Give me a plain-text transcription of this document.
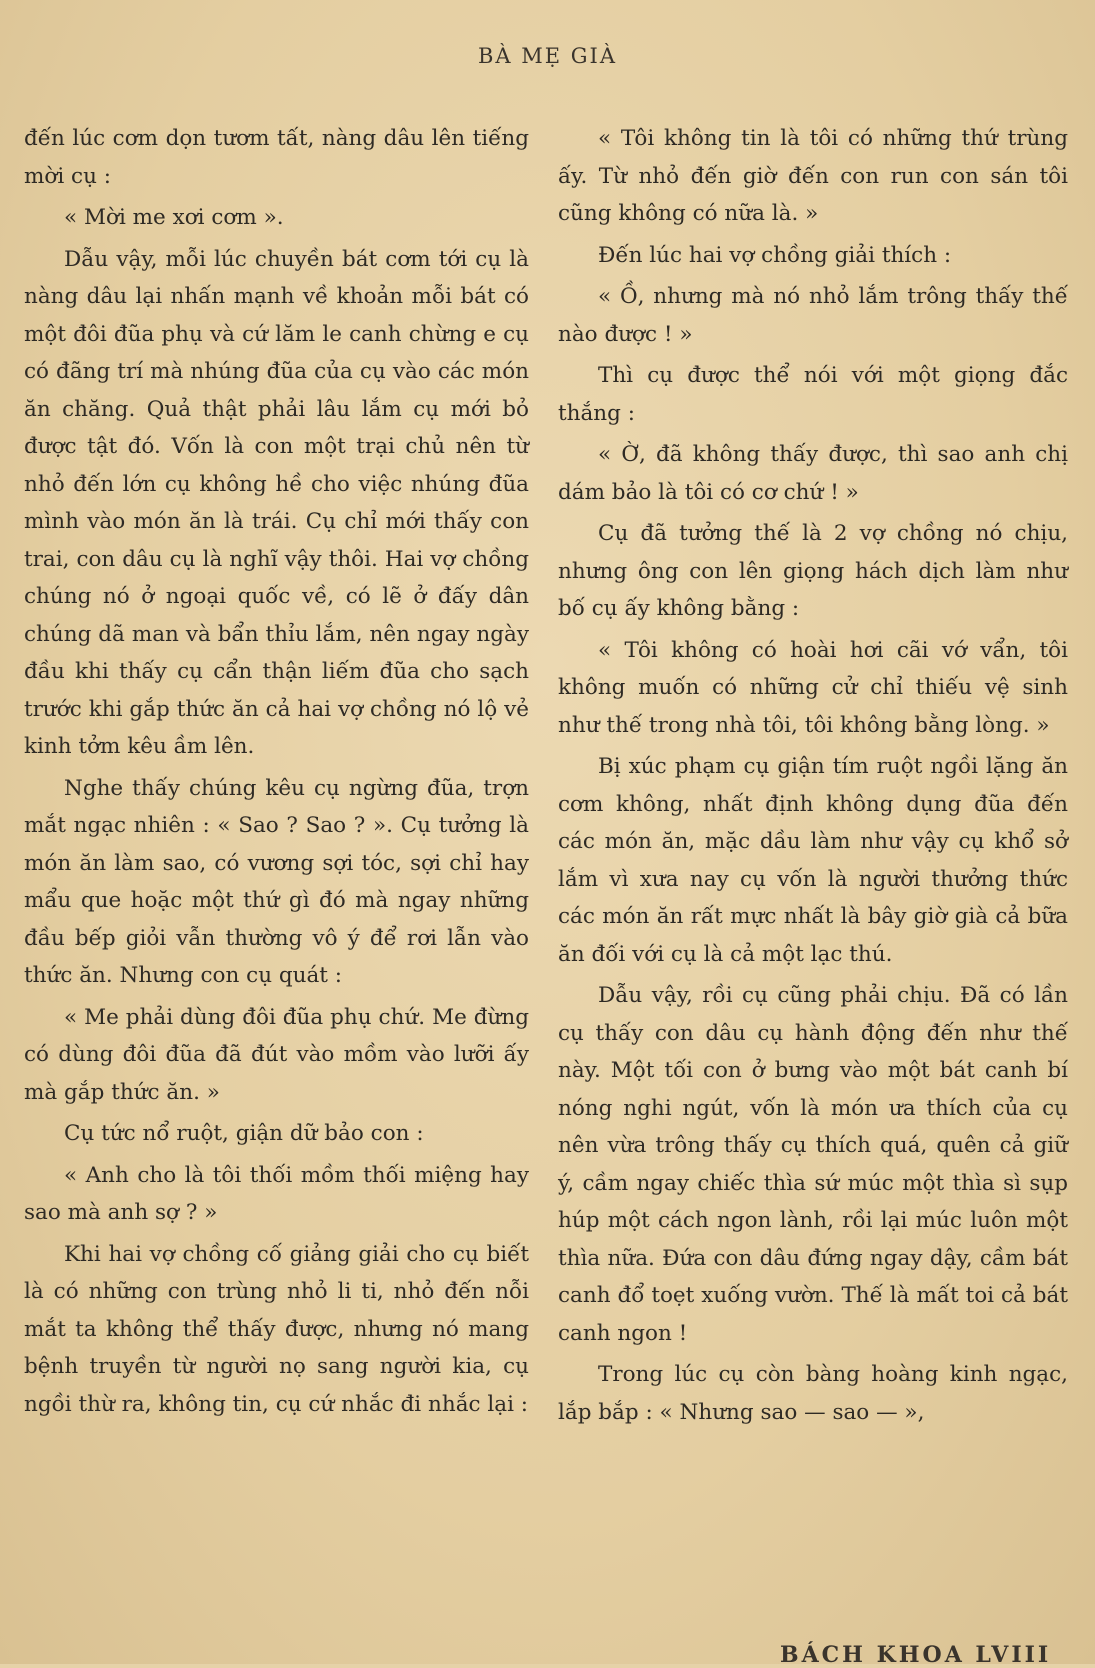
BÀ MẸ GIÀ

đến lúc cơm dọn tươm tất, nàng dâu lên tiếng mời cụ :

« Mời me xơi cơm ».

Dẫu vậy, mỗi lúc chuyền bát cơm tới cụ là nàng dâu lại nhấn mạnh về khoản mỗi bát có một đôi đũa phụ và cứ lăm le canh chừng e cụ có đãng trí mà nhúng đũa của cụ vào các món ăn chăng. Quả thật phải lâu lắm cụ mới bỏ được tật đó. Vốn là con một trại chủ nên từ nhỏ đến lớn cụ không hề cho việc nhúng đũa mình vào món ăn là trái. Cụ chỉ mới thấy con trai, con dâu cụ là nghĩ vậy thôi. Hai vợ chồng chúng nó ở ngoại quốc về, có lẽ ở đấy dân chúng dã man và bẩn thỉu lắm, nên ngay ngày đầu khi thấy cụ cẩn thận liếm đũa cho sạch trước khi gắp thức ăn cả hai vợ chồng nó lộ vẻ kinh tởm kêu ầm lên.

Nghe thấy chúng kêu cụ ngừng đũa, trợn mắt ngạc nhiên : « Sao ? Sao ? ». Cụ tưởng là món ăn làm sao, có vương sợi tóc, sợi chỉ hay mẩu que hoặc một thứ gì đó mà ngay những đầu bếp giỏi vẫn thường vô ý để rơi lẫn vào thức ăn. Nhưng con cụ quát :

« Me phải dùng đôi đũa phụ chứ. Me đừng có dùng đôi đũa đã đút vào mồm vào lưỡi ấy mà gắp thức ăn. »

Cụ tức nổ ruột, giận dữ bảo con :

« Anh cho là tôi thối mồm thối miệng hay sao mà anh sợ ? »

Khi hai vợ chồng cố giảng giải cho cụ biết là có những con trùng nhỏ li ti, nhỏ đến nỗi mắt ta không thể thấy được, nhưng nó mang bệnh truyền từ người nọ sang người kia, cụ ngồi thừ ra, không tin, cụ cứ nhắc đi nhắc lại :

« Tôi không tin là tôi có những thứ trùng ấy. Từ nhỏ đến giờ đến con run con sán tôi cũng không có nữa là. »

Đến lúc hai vợ chồng giải thích :

« Ồ, nhưng mà nó nhỏ lắm trông thấy thế nào được ! »

Thì cụ được thể nói với một giọng đắc thắng :

« Ờ, đã không thấy được, thì sao anh chị dám bảo là tôi có cơ chứ ! »

Cụ đã tưởng thế là 2 vợ chồng nó chịu, nhưng ông con lên giọng hách dịch làm như bố cụ ấy không bằng :

« Tôi không có hoài hơi cãi vớ vẩn, tôi không muốn có những cử chỉ thiếu vệ sinh như thế trong nhà tôi, tôi không bằng lòng. »

Bị xúc phạm cụ giận tím ruột ngồi lặng ăn cơm không, nhất định không dụng đũa đến các món ăn, mặc dầu làm như vậy cụ khổ sở lắm vì xưa nay cụ vốn là người thưởng thức các món ăn rất mực nhất là bây giờ già cả bữa ăn đối với cụ là cả một lạc thú.

Dẫu vậy, rồi cụ cũng phải chịu. Đã có lần cụ thấy con dâu cụ hành động đến như thế này. Một tối con ở bưng vào một bát canh bí nóng nghi ngút, vốn là món ưa thích của cụ nên vừa trông thấy cụ thích quá, quên cả giữ ý, cầm ngay chiếc thìa sứ múc một thìa sì sụp húp một cách ngon lành, rồi lại múc luôn một thìa nữa. Đứa con dâu đứng ngay dậy, cầm bát canh đổ toẹt xuống vườn. Thế là mất toi cả bát canh ngon !

Trong lúc cụ còn bàng hoàng kinh ngạc, lắp bắp : « Nhưng sao — sao — »,

BÁCH KHOA LVIII
